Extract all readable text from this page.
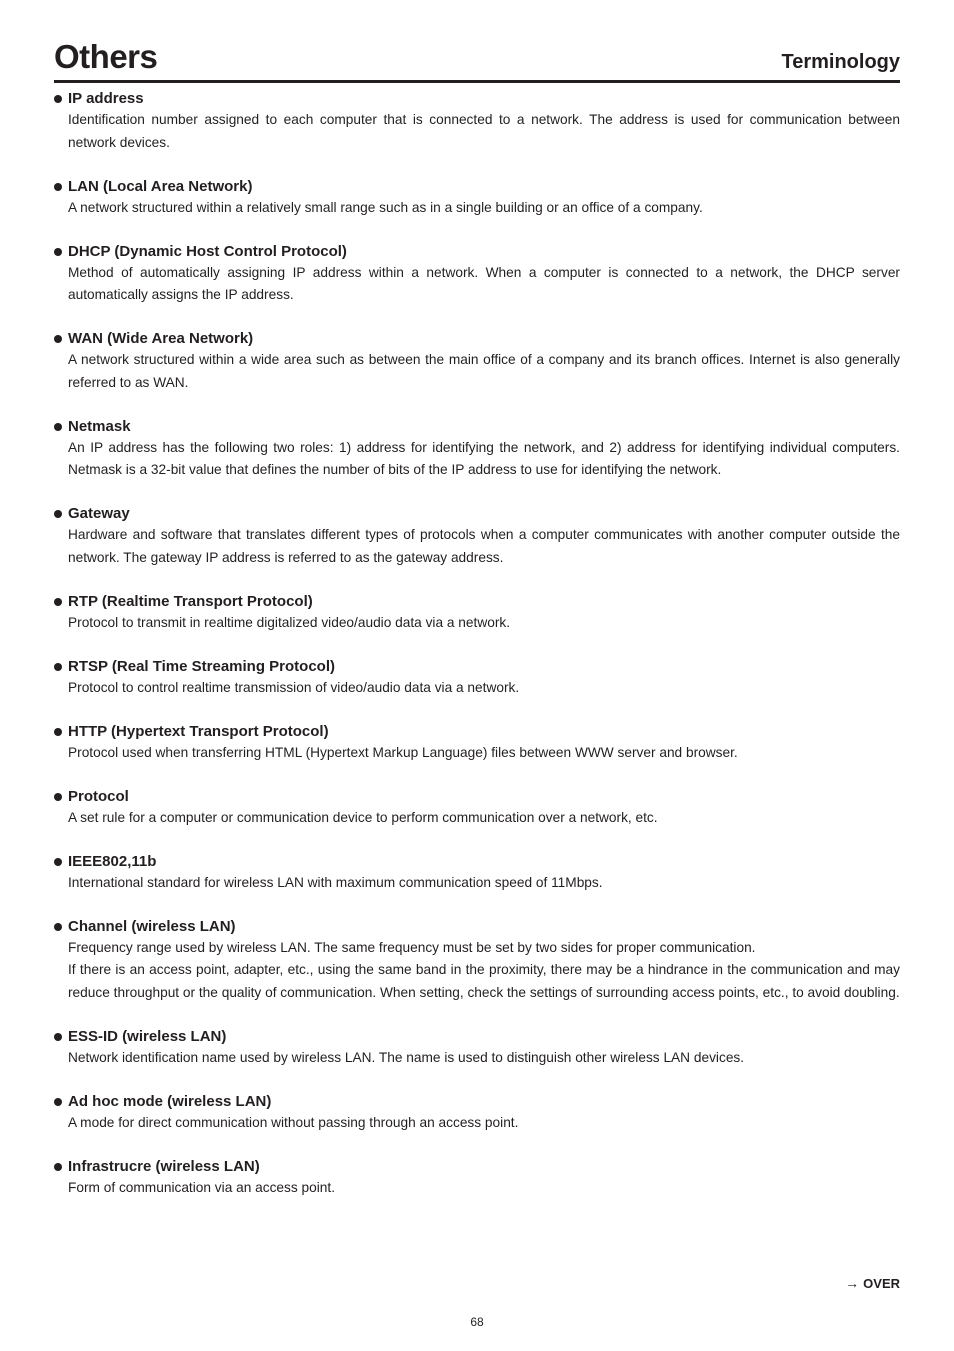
Others	Terminology
IP address

Identification number assigned to each computer that is connected to a network. The address is used for communication between network devices.

LAN (Local Area Network)

A network structured within a relatively small range such as in a single building or an office of a company.

DHCP (Dynamic Host Control Protocol)

Method of automatically assigning IP address within a network. When a computer is connected to a network, the DHCP server automatically assigns the IP address.

WAN (Wide Area Network)

A network structured within a wide area such as between the main office of a company and its branch offices. Internet is also generally referred to as WAN.

Netmask

An IP address has the following two roles: 1) address for identifying the network, and 2) address for identifying individual computers. Netmask is a 32-bit value that defines the number of bits of the IP address to use for identifying the network.

Gateway

Hardware and software that translates different types of protocols when a computer communicates with another computer outside the network. The gateway IP address is referred to as the gateway address.

RTP (Realtime Transport Protocol)

Protocol to transmit in realtime digitalized video/audio data via a network.

RTSP (Real Time Streaming Protocol)

Protocol to control realtime transmission of video/audio data via a network.

HTTP (Hypertext Transport Protocol)

Protocol used when transferring HTML (Hypertext Markup Language) files between WWW server and browser.

Protocol

A set rule for a computer or communication device to perform communication over a network, etc.

IEEE802,11b

International standard for wireless LAN with maximum communication speed of 11Mbps.

Channel (wireless LAN)

Frequency range used by wireless LAN. The same frequency must be set by two sides for proper communication.

If there is an access point, adapter, etc., using the same band in the proximity, there may be a hindrance in the communication and may reduce throughput or the quality of communication. When setting, check the settings of surrounding access points, etc., to avoid doubling.

ESS-ID (wireless LAN)

Network identification name used by wireless LAN. The name is used to distinguish other wireless LAN devices.

Ad hoc mode (wireless LAN)

A mode for direct communication without passing through an access point.

Infrastrucre (wireless LAN)

Form of communication via an access point.

→ OVER
68
